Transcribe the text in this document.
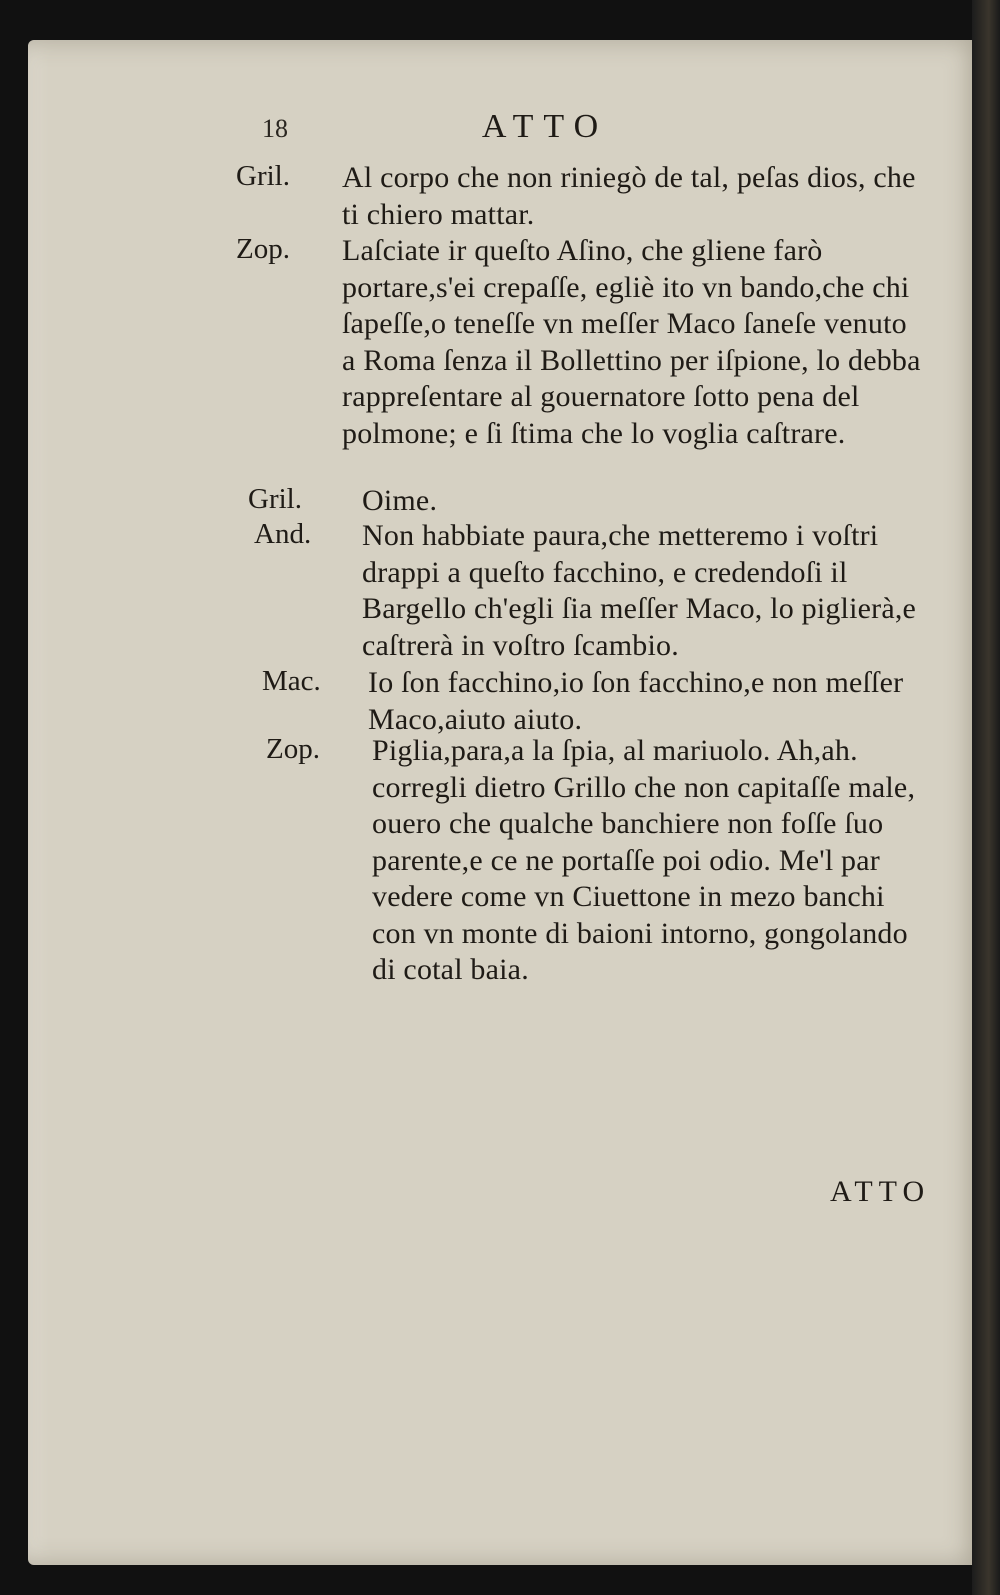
18	ATTO
Gril. Al corpo che non riniegò de tal, peſas dios, che ti chiero mattar.
Zop. Laſciate ir queſto Aſino, che gliene farò portare,s'ei crepaſſe, egliè ito vn bando,che chi ſapeſſe,o teneſſe vn meſſer Maco ſaneſe venuto a Roma ſenza il Bollettino per iſpione, lo debba rappreſentare al gouernatore ſotto pena del polmone; e ſi ſtima che lo voglia caſtrare.
Gril. Oime.
And. Non habbiate paura,che metteremo i voſtri drappi a queſto facchino, e credendoſi il Bargello ch'egli ſia meſſer Maco, lo piglierà,e caſtrerà in voſtro ſcambio.
Mac. Io ſon facchino,io ſon facchino,e non meſſer Maco,aiuto aiuto.
Zop. Piglia,para,a la ſpia, al mariuolo. Ah,ah. corregli dietro Grillo che non capitaſſe male, ouero che qualche banchiere non foſſe ſuo parente,e ce ne portaſſe poi odio. Me'l par vedere come vn Ciuettone in mezo banchi con vn monte di baioni intorno, gongolando di cotal baia.
ATTO
